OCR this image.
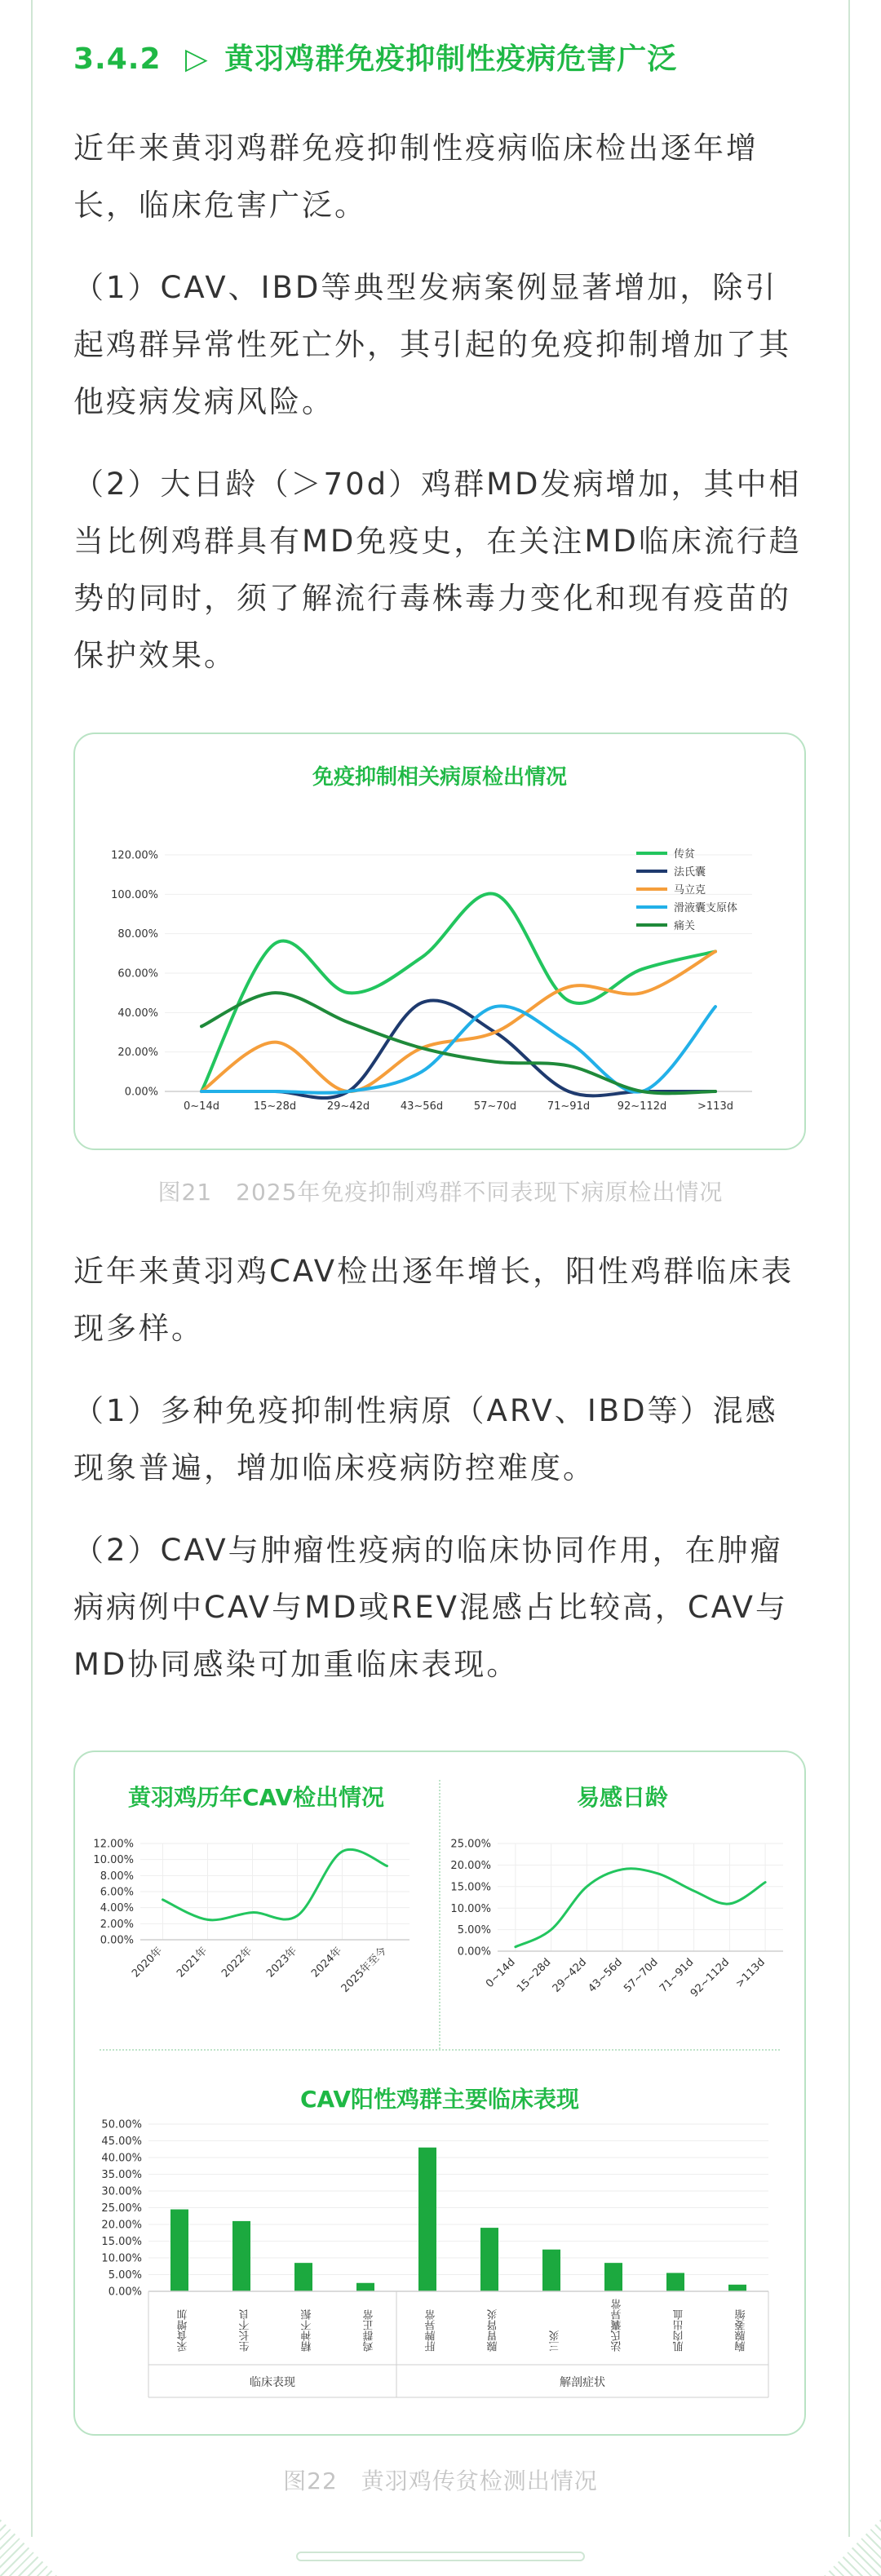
3.4.2 ▷ 黄羽鸡群免疫抑制性疫病危害广泛

近年来黄羽鸡群免疫抑制性疫病临床检出逐年增长，临床危害广泛。

（1）CAV、IBD等典型发病案例显著增加，除引起鸡群异常性死亡外，其引起的免疫抑制增加了其他疫病发病风险。

（2）大日龄（＞70d）鸡群MD发病增加，其中相当比例鸡群具有MD免疫史，在关注MD临床流行趋势的同时，须了解流行毒株毒力变化和现有疫苗的保护效果。

免疫抑制相关病原检出情况
0.00%
20.00%
40.00%
60.00%
80.00%
100.00%
120.00%
0~14d	15~28d	29~42d	43~56d	57~70d	71~91d	92~112d	>113d
传贫
法氏囊
马立克
滑液囊支原体
痛关
图21　2025年免疫抑制鸡群不同表现下病原检出情况

近年来黄羽鸡CAV检出逐年增长，阳性鸡群临床表现多样。

（1）多种免疫抑制性病原（ARV、IBD等）混感现象普遍，增加临床疫病防控难度。

（2）CAV与肿瘤性疫病的临床协同作用，在肿瘤病病例中CAV与MD或REV混感占比较高，CAV与MD协同感染可加重临床表现。

黄羽鸡历年CAV检出情况	易感日龄
0.00%
2.00%
4.00%
6.00%
8.00%
10.00%
12.00%
2020年 2021年 2022年 2023年 2024年
2025年至今	0.00%
5.00%
10.00%
15.00%
20.00%
25.00%
0~14d
15~28d
29~42d
43~56d
57~70d
71~91d
92~112d >113d
CAV阳性鸡群主要临床表现
0.00%
5.00%
10.00%
15.00%
20.00%
25.00%
30.00%
35.00%
40.00%
45.00%
50.00%
采食增加	生长不良	精神不振	鸡群正常	肝脾异常	腺胃肾炎	三炎	法氏囊异常	肌肉出血	胸腺萎缩
临床表现	解剖症状
图22　黄羽鸡传贫检测出情况
